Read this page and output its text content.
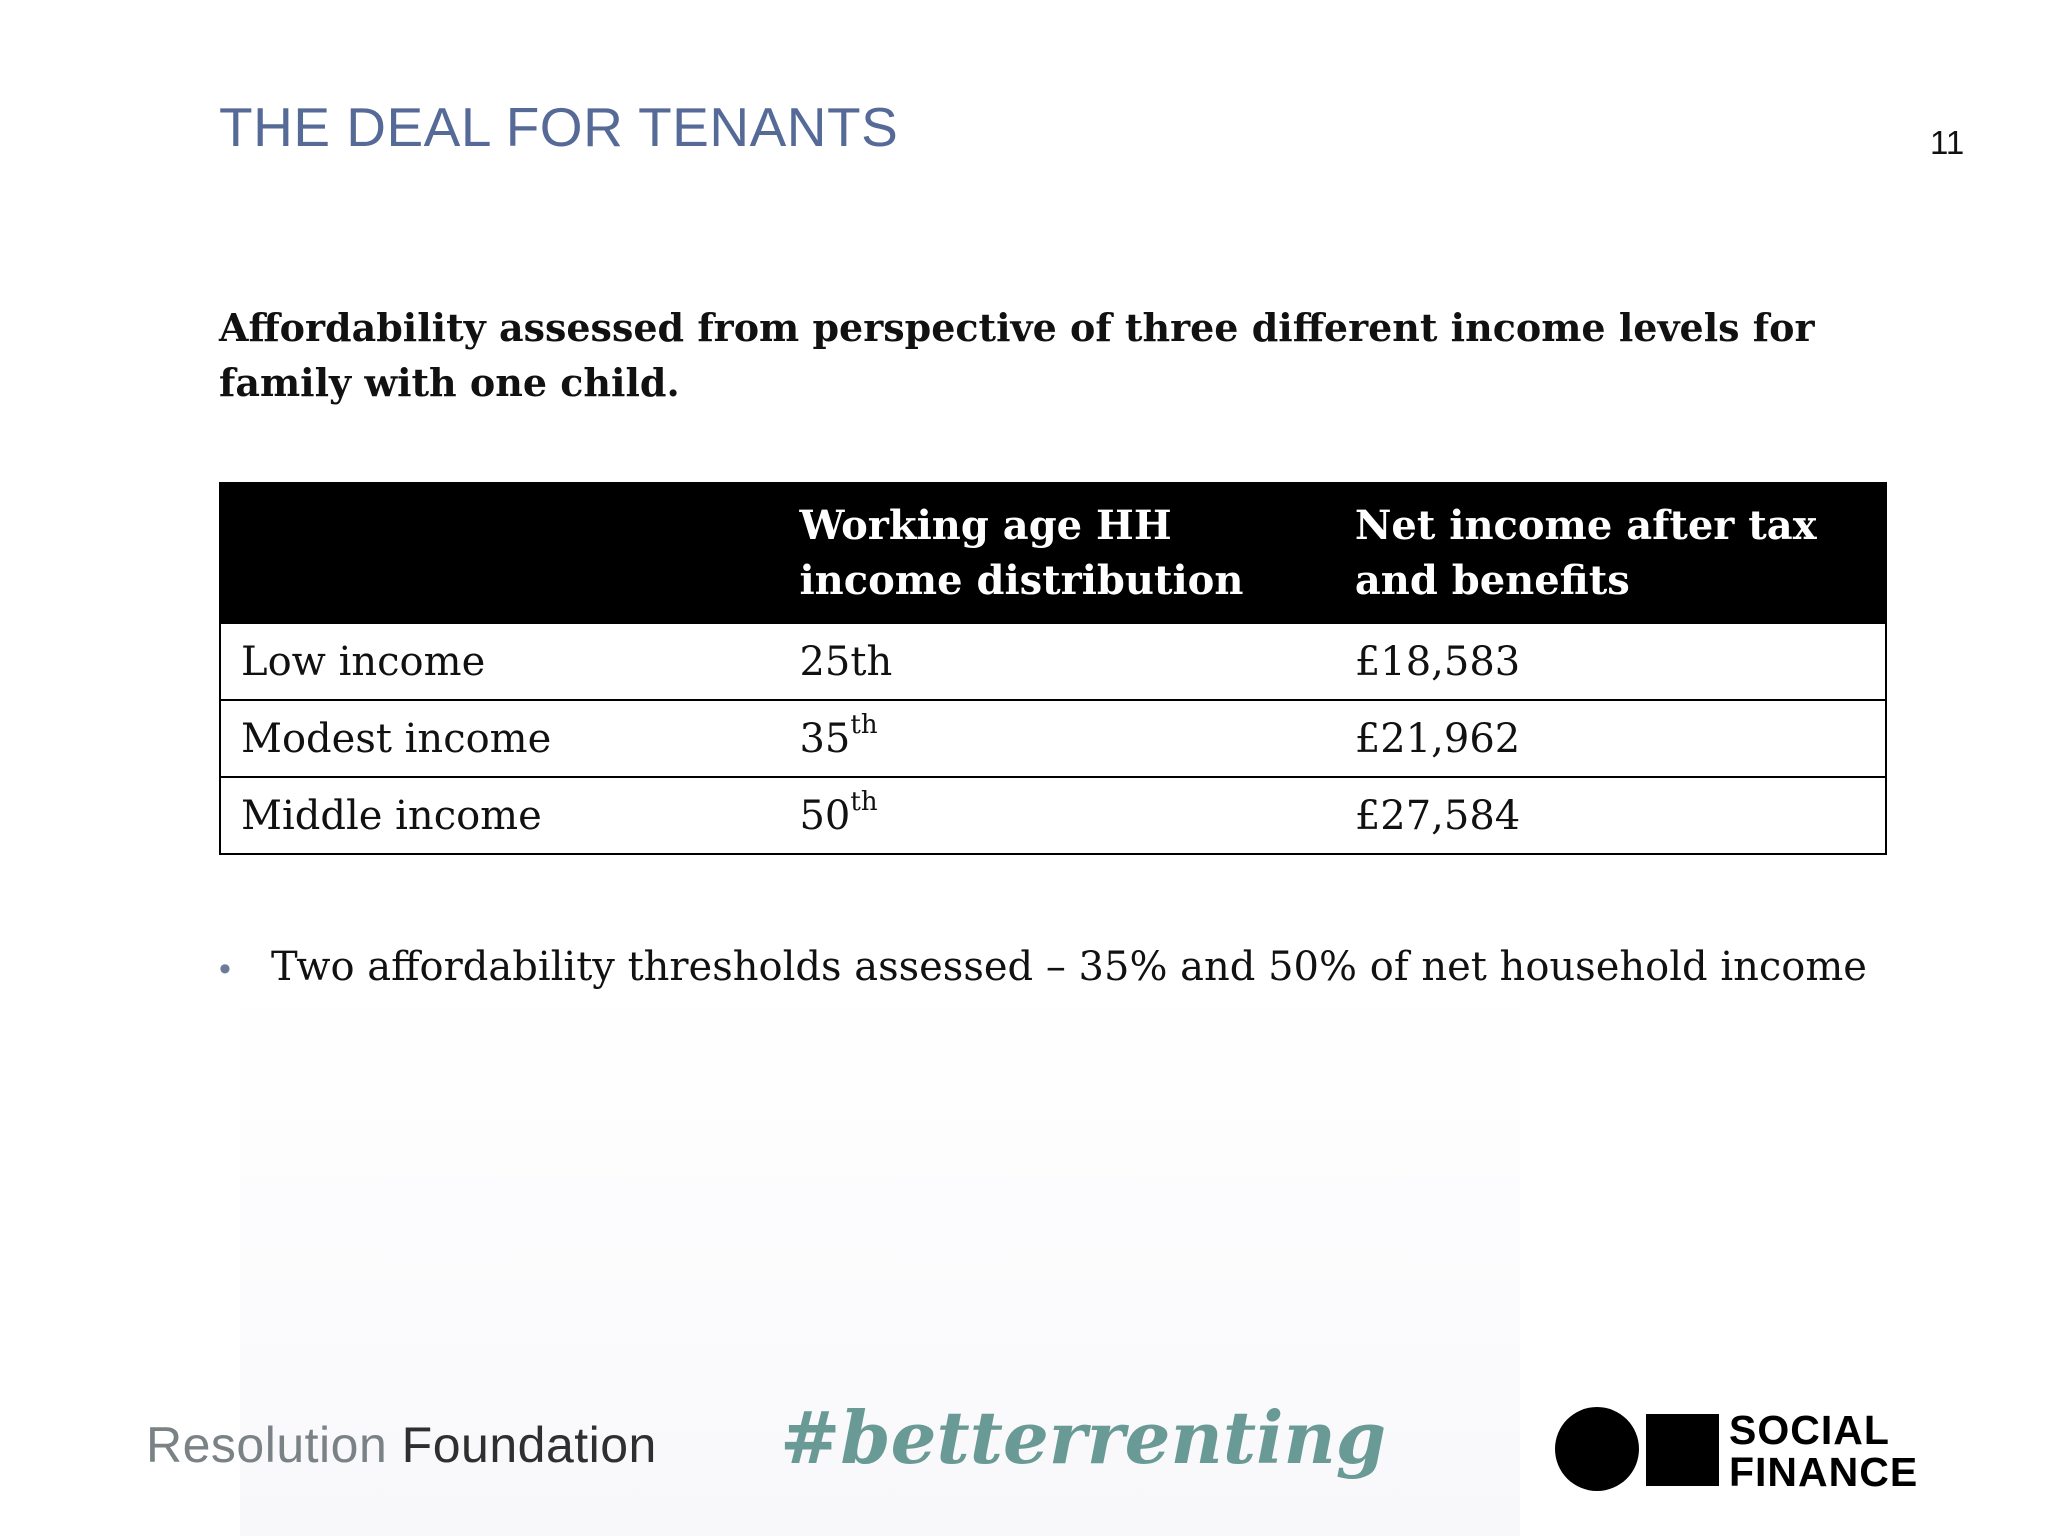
THE DEAL FOR TENANTS	11
Affordability assessed from perspective of three different income levels for family with one child.
	Working age HH income distribution	Net income after tax and benefits
Low income	25th	£18,583
Modest income	35th	£21,962
Middle income	50th	£27,584
• Two affordability thresholds assessed – 35% and 50% of net household income
Resolution Foundation #betterrenting	SOCIAL
FINANCE
